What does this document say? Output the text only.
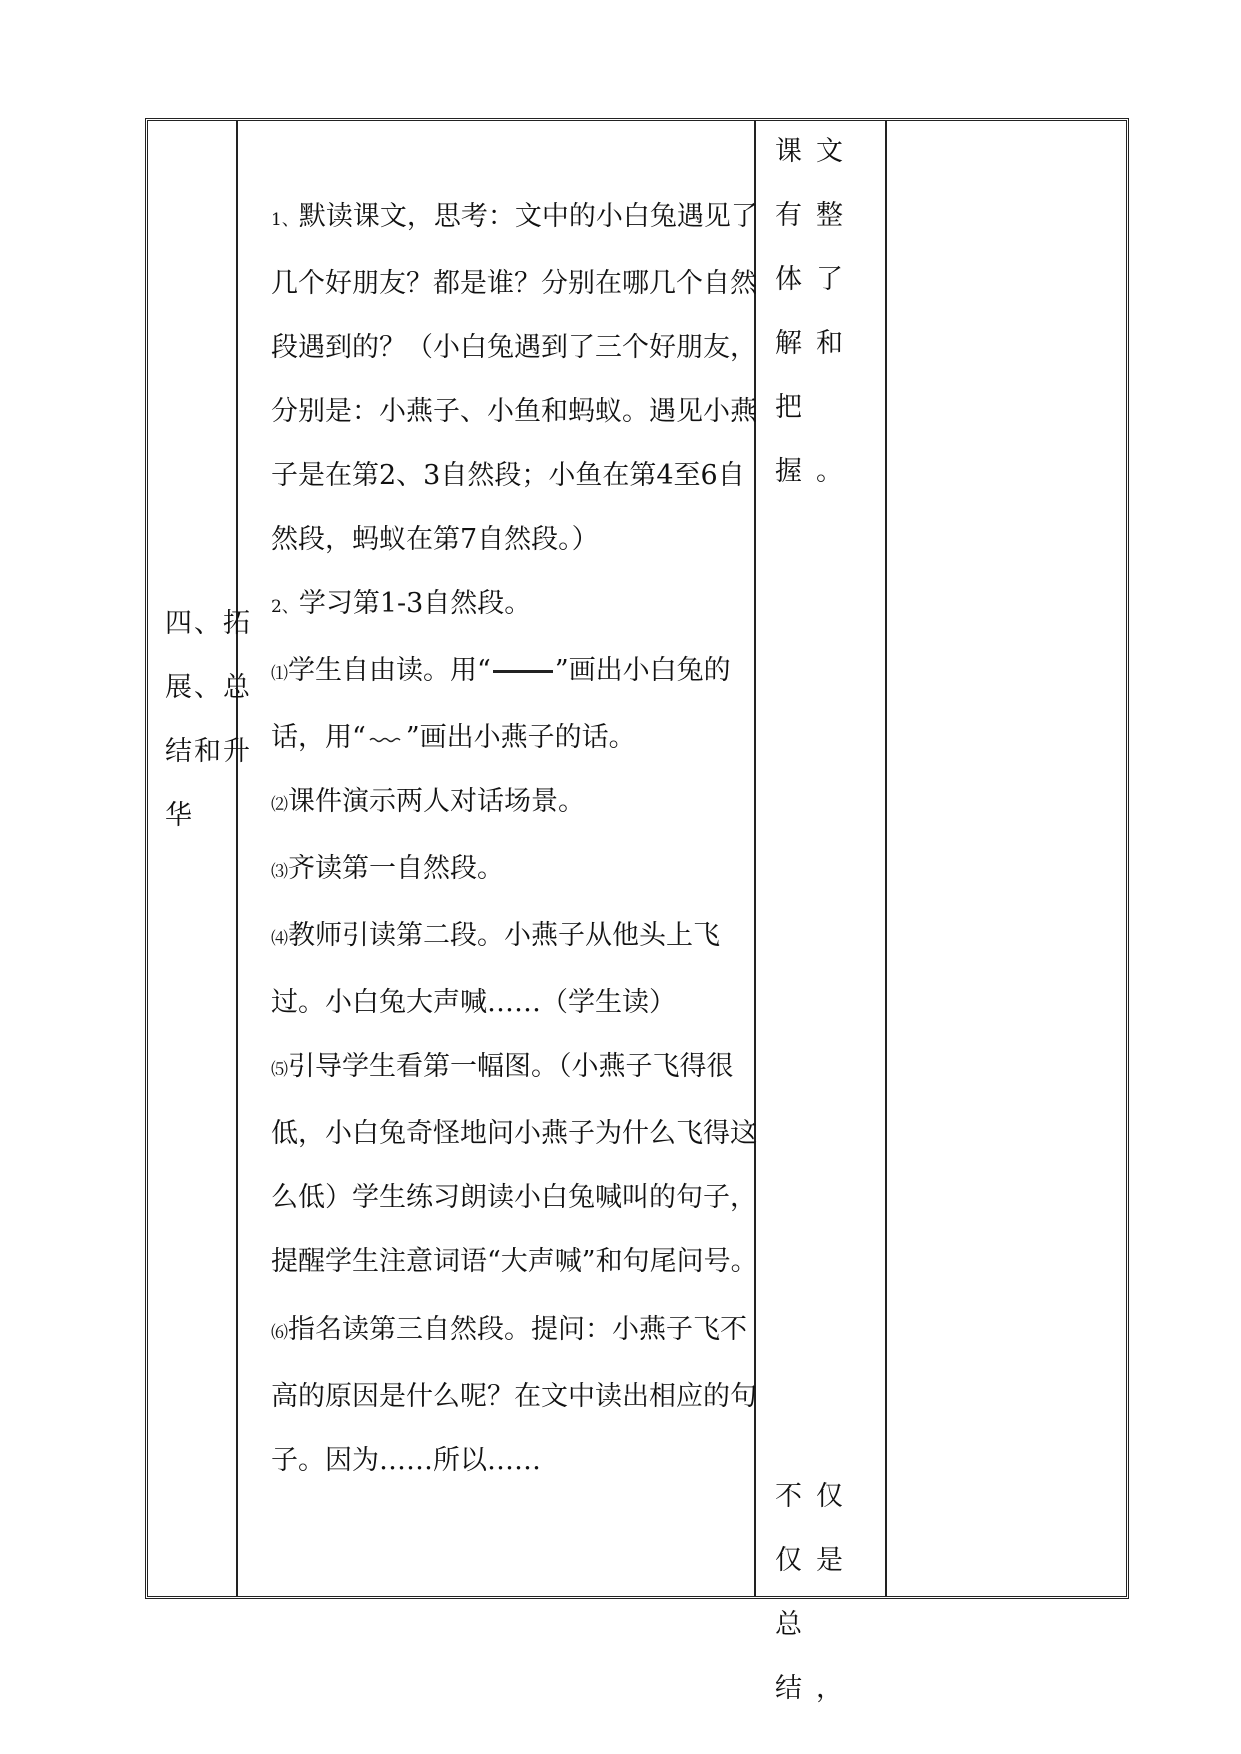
四、拓展、总结和升华

1、默读课文，思考：文中的小白兔遇见了几个好朋友？都是谁？分别在哪几个自然段遇到的？（小白兔遇到了三个好朋友，分别是：小燕子、小鱼和蚂蚁。遇见小燕子是在第2、3自然段；小鱼在第4至6自然段，蚂蚁在第7自然段。）

2、学习第1-3自然段。

⑴学生自由读。用“ ”画出小白兔的话，用“ ”画出小燕子的话。

⑵课件演示两人对话场景。

⑶齐读第一自然段。

⑷教师引读第二段。小燕子从他头上飞过。小白兔大声喊……（学生读）

⑸引导学生看第一幅图。（小燕子飞得很低，小白兔奇怪地问小燕子为什么飞得这么低）学生练习朗读小白兔喊叫的句子，提醒学生注意词语“大声喊”和句尾问号。

⑹指名读第三自然段。提问：小燕子飞不高的原因是什么呢？在文中读出相应的句子。因为……所以……

课文有整体了解和把握。

不仅仅是总结，
